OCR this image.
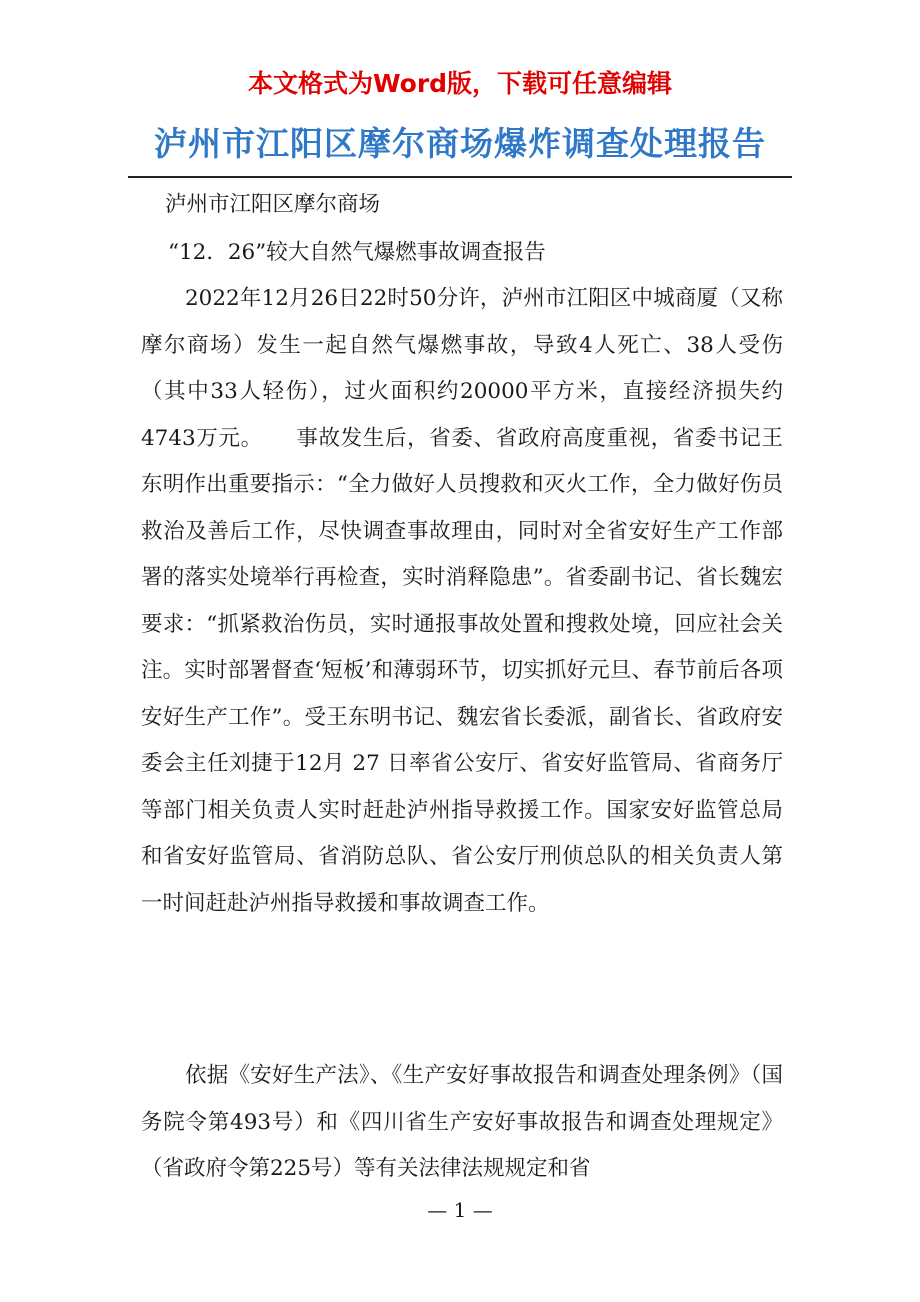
本文格式为Word版，下载可任意编辑
泸州市江阳区摩尔商场爆炸调查处理报告
泸州市江阳区摩尔商场
“12．26”较大自然气爆燃事故调查报告

2022年12月26日22时50分许，泸州市江阳区中城商厦（又称摩尔商场）发生一起自然气爆燃事故，导致4人死亡、38人受伤（其中33人轻伤），过火面积约20000平方米，直接经济损失约4743万元。　　事故发生后，省委、省政府高度重视，省委书记王东明作出重要指示：“全力做好人员搜救和灭火工作，全力做好伤员救治及善后工作，尽快调查事故理由，同时对全省安好生产工作部署的落实处境举行再检查，实时消释隐患”。省委副书记、省长魏宏要求：“抓紧救治伤员，实时通报事故处置和搜救处境，回应社会关注。实时部署督查‘短板’和薄弱环节，切实抓好元旦、春节前后各项安好生产工作”。受王东明书记、魏宏省长委派，副省长、省政府安委会主任刘捷于12月 27 日率省公安厅、省安好监管局、省商务厅等部门相关负责人实时赶赴泸州指导救援工作。国家安好监管总局和省安好监管局、省消防总队、省公安厅刑侦总队的相关负责人第一时间赶赴泸州指导救援和事故调查工作。

依据《安好生产法》、《生产安好事故报告和调查处理条例》（国务院令第493号）和《四川省生产安好事故报告和调查处理规定》（省政府令第225号）等有关法律法规规定和省

— 1 —
